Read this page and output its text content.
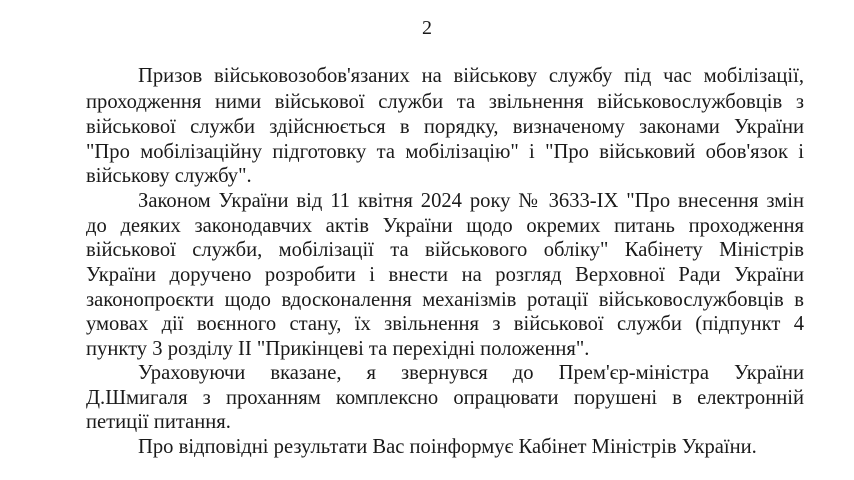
2
Призов військовозобов'язаних на військову службу під час мобілізації,
проходження ними військової служби та звільнення військовослужбовців з
військової служби здійснюється в порядку, визначеному законами України
"Про мобілізаційну підготовку та мобілізацію" і "Про військовий обов'язок і
військову службу".
Законом України від 11 квітня 2024 року № 3633-IX "Про внесення змін
до деяких законодавчих актів України щодо окремих питань проходження
військової служби, мобілізації та військового обліку" Кабінету Міністрів
України доручено розробити і внести на розгляд Верховної Ради України
законопроєкти щодо вдосконалення механізмів ротації військовослужбовців в
умовах дії воєнного стану, їх звільнення з військової служби (підпункт 4
пункту 3 розділу II "Прикінцеві та перехідні положення".
Ураховуючи вказане, я звернувся до Прем'єр-міністра України
Д.Шмигаля з проханням комплексно опрацювати порушені в електронній
петиції питання.
Про відповідні результати Вас поінформує Кабінет Міністрів України.
